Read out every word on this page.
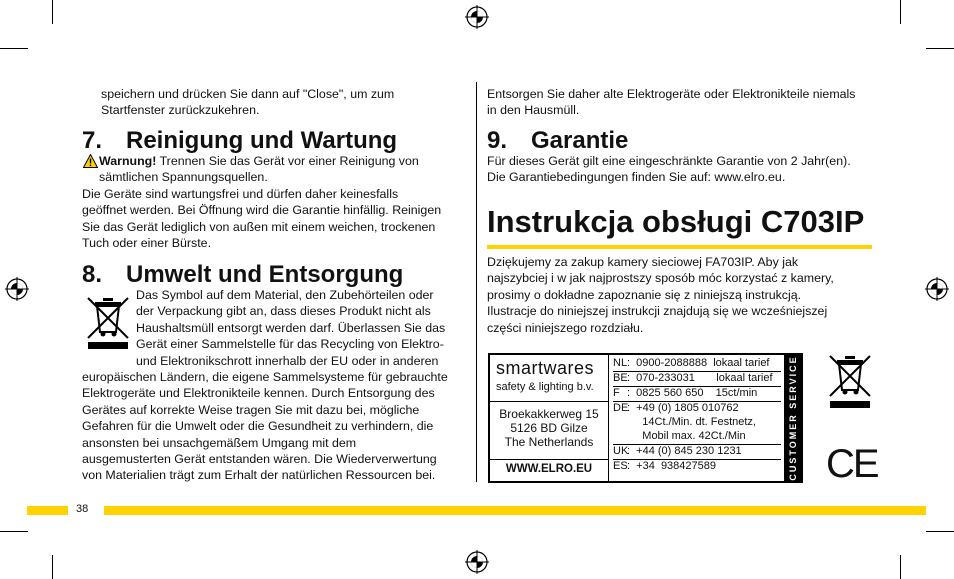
speichern und drücken Sie dann auf "Close", um zum
Startfenster zurückzukehren.
7. Reinigung und Wartung
Warnung! Trennen Sie das Gerät vor einer Reinigung von
sämtlichen Spannungsquellen.
Die Geräte sind wartungsfrei und dürfen daher keinesfalls
geöffnet werden. Bei Öffnung wird die Garantie hinfällig. Reinigen
Sie das Gerät lediglich von außen mit einem weichen, trockenen
Tuch oder einer Bürste.
8. Umwelt und Entsorgung
Das Symbol auf dem Material, den Zubehörteilen oder
der Verpackung gibt an, dass dieses Produkt nicht als
Haushaltsmüll entsorgt werden darf. Überlassen Sie das
Gerät einer Sammelstelle für das Recycling von Elektro-
und Elektronikschrott innerhalb der EU oder in anderen
europäischen Ländern, die eigene Sammelsysteme für gebrauchte
Elektrogeräte und Elektronikteile kennen. Durch Entsorgung des
Gerätes auf korrekte Weise tragen Sie mit dazu bei, mögliche
Gefahren für die Umwelt oder die Gesundheit zu verhindern, die
ansonsten bei unsachgemäßem Umgang mit dem
ausgemusterten Gerät entstanden wären. Die Wiederverwertung
von Materialien trägt zum Erhalt der natürlichen Ressourcen bei.
Entsorgen Sie daher alte Elektrogeräte oder Elektronikteile niemals
in den Hausmüll.
9. Garantie
Für dieses Gerät gilt eine eingeschränkte Garantie von 2 Jahr(en).
Die Garantiebedingungen finden Sie auf: www.elro.eu.
Instrukcja obsługi C703IP
Dziękujemy za zakup kamery sieciowej FA703IP. Aby jak
najszybciej i w jak najprostszy sposób móc korzystać z kamery,
prosimy o dokładne zapoznanie się z niniejszą instrukcją.
Ilustracje do niniejszej instrukcji znajdują się we wcześniejszej
części niniejszego rozdziału.
smartwares
safety & lighting b.v.
Broekakkerweg 15
5126 BD Gilze
The Netherlands
WWW.ELRO.EU
NL:  0900-2088888  lokaal tarief
BE:  070-233031       lokaal tarief
F :  0825 560 650    15ct/min
DE:  +49 (0) 1805 010762
14Ct./Min. dt. Festnetz,
Mobil max. 42Ct./Min
UK:  +44 (0) 845 230 1231
ES:  +34  938427589	CUSTOMER SERVICE CE
38
